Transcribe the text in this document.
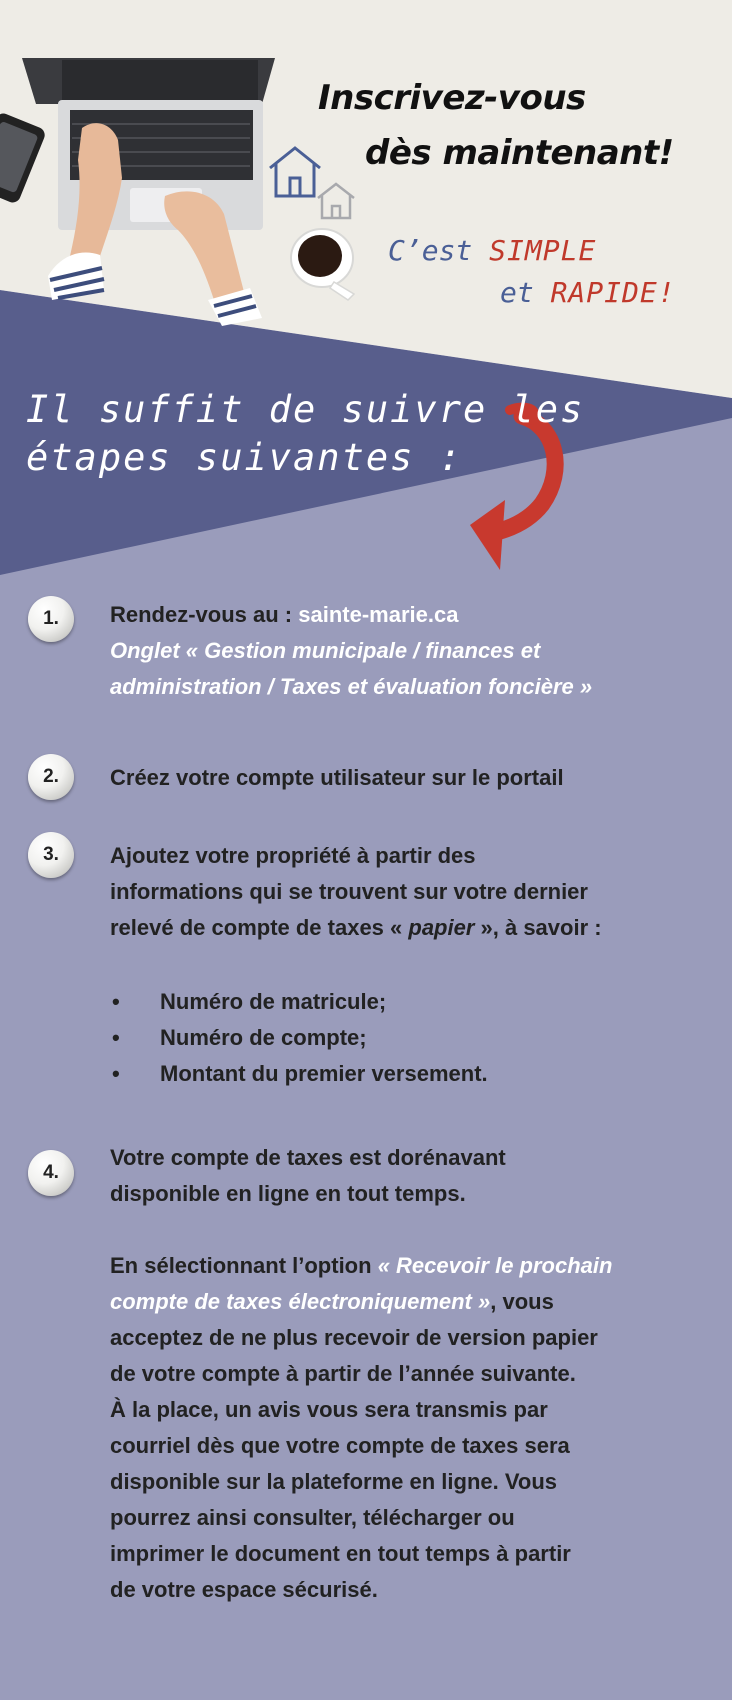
Inscrivez-vous
dès maintenant!
C’est SIMPLE
et RAPIDE!
Il suffit de suivre les
étapes suivantes :
1.	Rendez-vous au : sainte-marie.ca
Onglet « Gestion municipale / finances et
administration / Taxes et évaluation foncière »

2.	Créez votre compte utilisateur sur le portail

3.	Ajoutez votre propriété à partir des
informations qui se trouvent sur votre dernier
relevé de compte de taxes « papier », à savoir :

• Numéro de matricule;
• Numéro de compte;
• Montant du premier versement.
4.

Votre compte de taxes est dorénavant
disponible en ligne en tout temps.

En sélectionnant l’option « Recevoir le prochain
compte de taxes électroniquement », vous
acceptez de ne plus recevoir de version papier
de votre compte à partir de l’année suivante.
À la place, un avis vous sera transmis par
courriel dès que votre compte de taxes sera
disponible sur la plateforme en ligne. Vous
pourrez ainsi consulter, télécharger ou
imprimer le document en tout temps à partir
de votre espace sécurisé.
